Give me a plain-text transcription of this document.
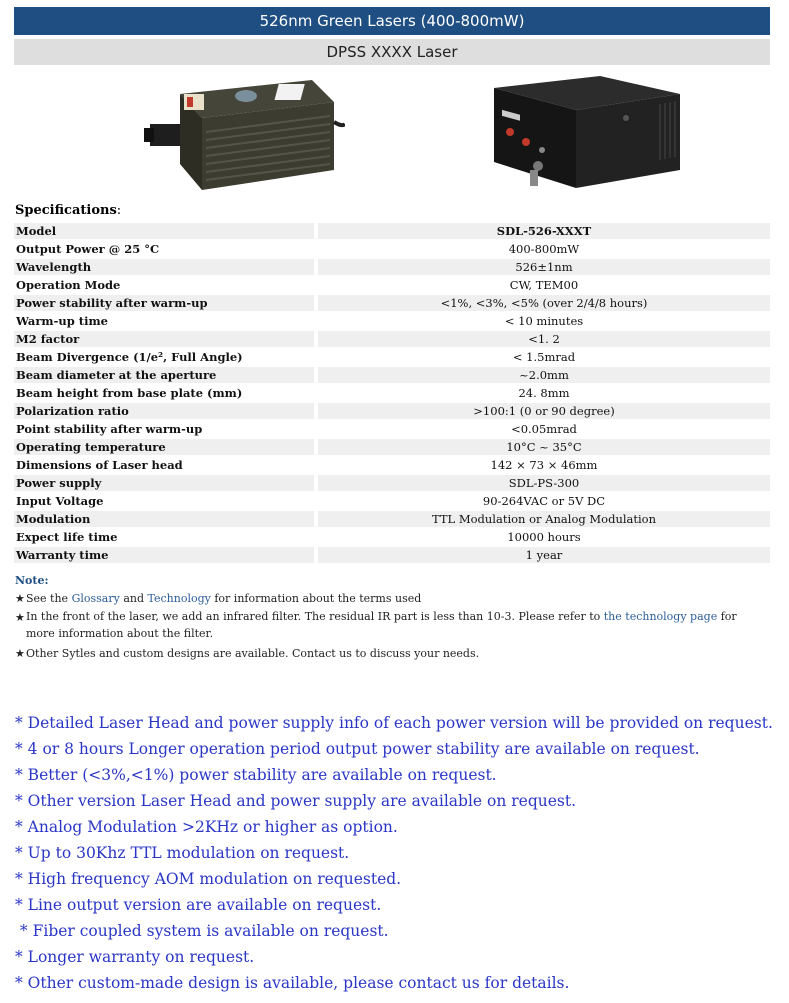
526nm Green Lasers (400-800mW)
DPSS XXXX Laser
Specifications:
Model		SDL-526-XXXT
Output Power @ 25 °C		400-800mW
Wavelength		526±1nm
Operation Mode		CW, TEM00
Power stability after warm-up		<1%, <3%, <5% (over 2/4/8 hours)
Warm-up time		< 10 minutes
M2 factor		<1. 2
Beam Divergence (1/e², Full Angle)		< 1.5mrad
Beam diameter at the aperture		~2.0mm
Beam height from base plate (mm)		24. 8mm
Polarization ratio		>100:1 (0 or 90 degree)
Point stability after warm-up		<0.05mrad
Operating temperature		10°C ~ 35°C
Dimensions of Laser head		142 × 73 × 46mm
Power supply		SDL-PS-300
Input Voltage		90-264VAC or 5V DC
Modulation		TTL Modulation or Analog Modulation
Expect life time		10000 hours
Warranty time		1 year
Note:
★See the Glossary and Technology for information about the terms used
★In the front of the laser, we add an infrared filter. The residual IR part is less than 10-3. Please refer to the technology page for more information about the filter.
★Other Sytles and custom designs are available. Contact us to discuss your needs.
* Detailed Laser Head and power supply info of each power version will be provided on request.
* 4 or 8 hours Longer operation period output power stability are available on request.
* Better (<3%,<1%) power stability are available on request.
* Other version Laser Head and power supply are available on request.
* Analog Modulation >2KHz or higher as option.
* Up to 30Khz TTL modulation on request.
* High frequency AOM modulation on requested.
* Line output version are available on request.
* Fiber coupled system is available on request.
* Longer warranty on request.
* Other custom-made design is available, please contact us for details.
